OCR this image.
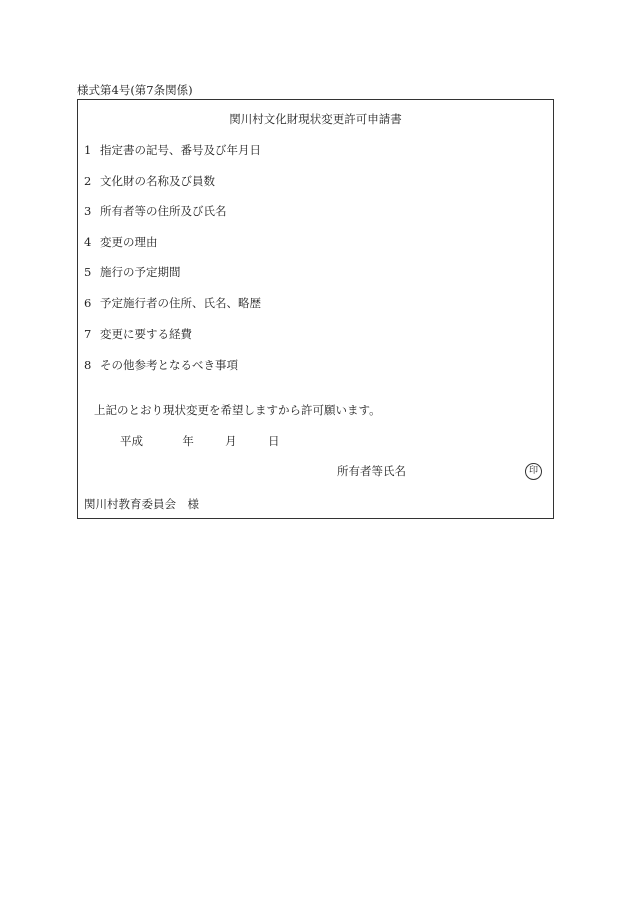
様式第4号(第7条関係)
関川村文化財現状変更許可申請書
1 指定書の記号、番号及び年月日
2 文化財の名称及び員数
3 所有者等の住所及び氏名
4 変更の理由
5 施行の予定期間
6 予定施行者の住所、氏名、略歴
7 変更に要する経費
8 その他参考となるべき事項
上記のとおり現状変更を希望しますから許可願います。
平成	年	月	日
所有者等氏名	印
関川村教育委員会　様
